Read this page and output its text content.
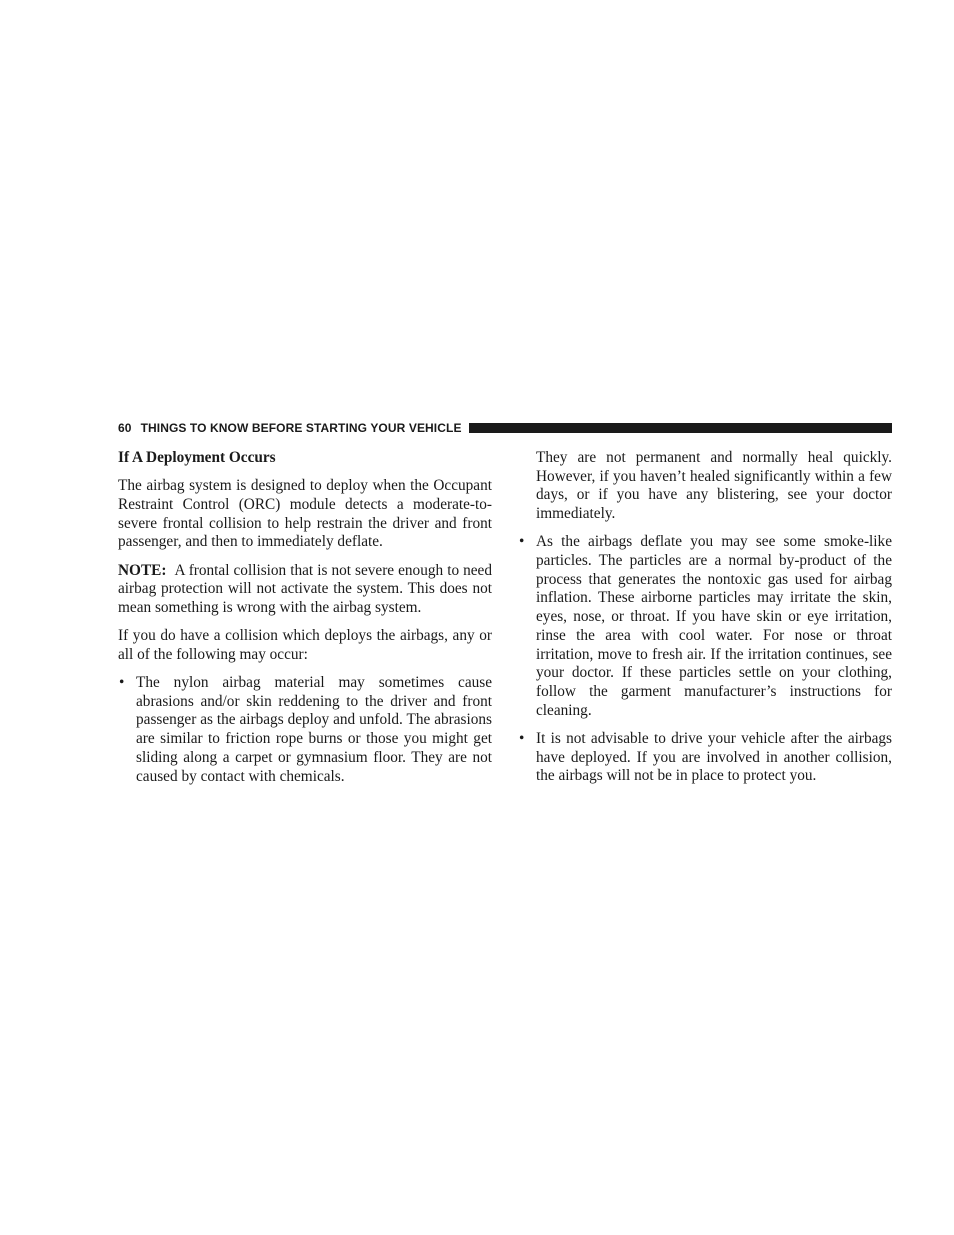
60 THINGS TO KNOW BEFORE STARTING YOUR VEHICLE

If A Deployment Occurs

The airbag system is designed to deploy when the Occupant Restraint Control (ORC) module detects a moderate-to-severe frontal collision to help restrain the driver and front passenger, and then to immediately deflate.

NOTE: A frontal collision that is not severe enough to need airbag protection will not activate the system. This does not mean something is wrong with the airbag system.

If you do have a collision which deploys the airbags, any or all of the following may occur:

• The nylon airbag material may sometimes cause abrasions and/or skin reddening to the driver and front passenger as the airbags deploy and unfold. The abrasions are similar to friction rope burns or those you might get sliding along a carpet or gymnasium floor. They are not caused by contact with chemicals.

They are not permanent and normally heal quickly. However, if you haven’t healed significantly within a few days, or if you have any blistering, see your doctor immediately.

• As the airbags deflate you may see some smoke-like particles. The particles are a normal by-product of the process that generates the nontoxic gas used for airbag inflation. These airborne particles may irritate the skin, eyes, nose, or throat. If you have skin or eye irritation, rinse the area with cool water. For nose or throat irritation, move to fresh air. If the irritation continues, see your doctor. If these particles settle on your clothing, follow the garment manufacturer’s instructions for cleaning.
• It is not advisable to drive your vehicle after the airbags have deployed. If you are involved in another collision, the airbags will not be in place to protect you.
